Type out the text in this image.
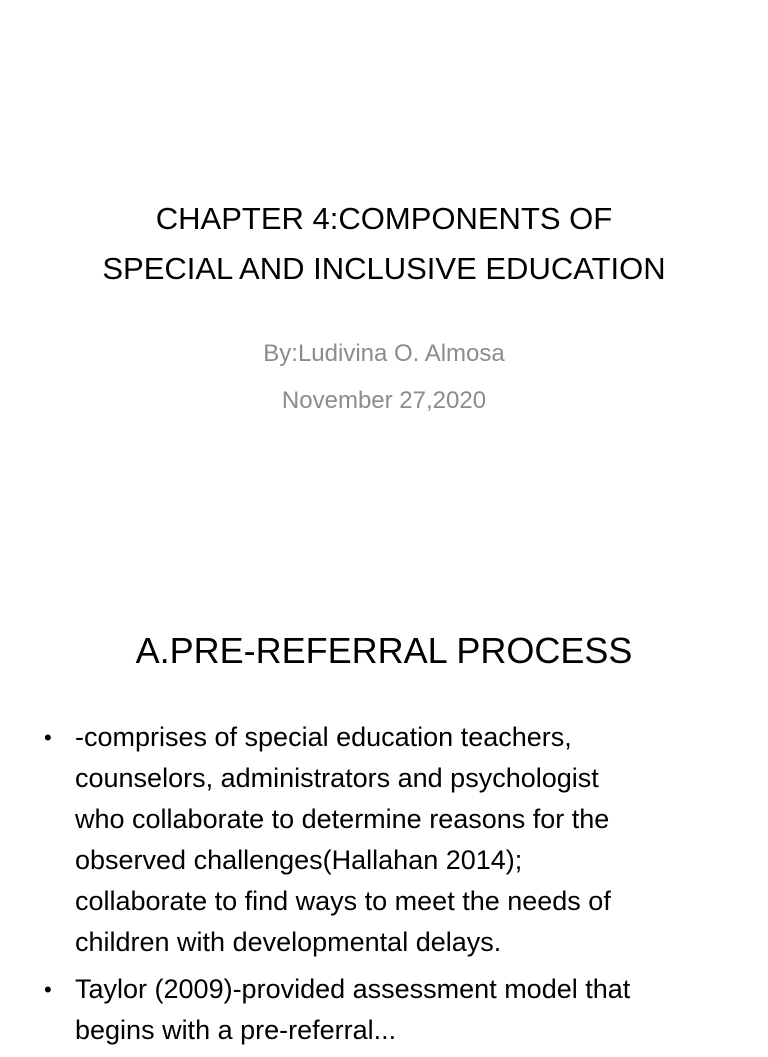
CHAPTER 4:COMPONENTS OF
SPECIAL AND INCLUSIVE EDUCATION
By:Ludivina O. Almosa
November 27,2020
A.PRE-REFERRAL PROCESS
• -comprises of special education teachers,
counselors, administrators and psychologist
who collaborate to determine reasons for the
observed challenges(Hallahan 2014);
collaborate to find ways to meet the needs of
children with developmental delays.
• Taylor (2009)-provided assessment model that
begins with a pre-referral...
